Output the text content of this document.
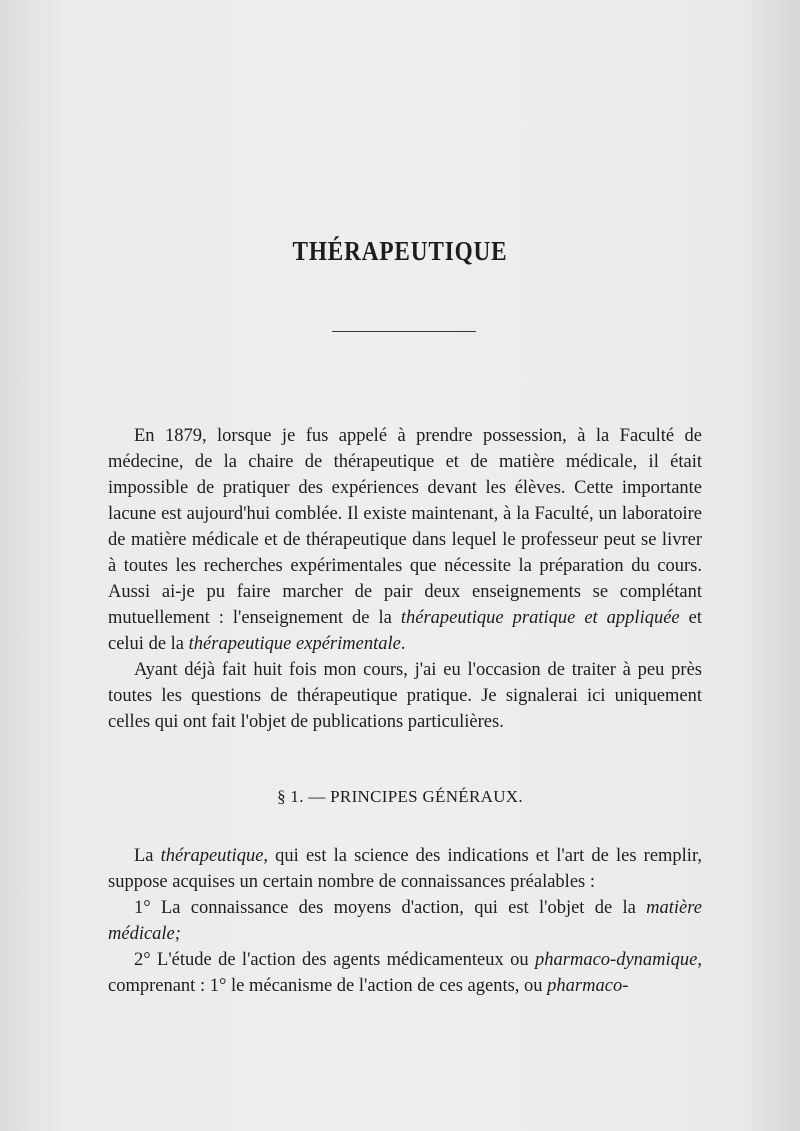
THÉRAPEUTIQUE

En 1879, lorsque je fus appelé à prendre possession, à la Faculté de médecine, de la chaire de thérapeutique et de matière médicale, il était impossible de pratiquer des expériences devant les élèves. Cette importante lacune est aujourd'hui comblée. Il existe maintenant, à la Faculté, un laboratoire de matière médicale et de thérapeutique dans lequel le professeur peut se livrer à toutes les recherches expérimentales que nécessite la préparation du cours. Aussi ai-je pu faire marcher de pair deux enseignements se complétant mutuellement : l'enseignement de la thérapeutique pratique et appliquée et celui de la thérapeutique expérimentale.

Ayant déjà fait huit fois mon cours, j'ai eu l'occasion de traiter à peu près toutes les questions de thérapeutique pratique. Je signalerai ici uniquement celles qui ont fait l'objet de publications particulières.

§ 1. — PRINCIPES GÉNÉRAUX.

La thérapeutique, qui est la science des indications et l'art de les remplir, suppose acquises un certain nombre de connaissances préalables :

1° La connaissance des moyens d'action, qui est l'objet de la matière médicale;

2° L'étude de l'action des agents médicamenteux ou pharmaco-dynamique, comprenant : 1° le mécanisme de l'action de ces agents, ou pharmaco-
